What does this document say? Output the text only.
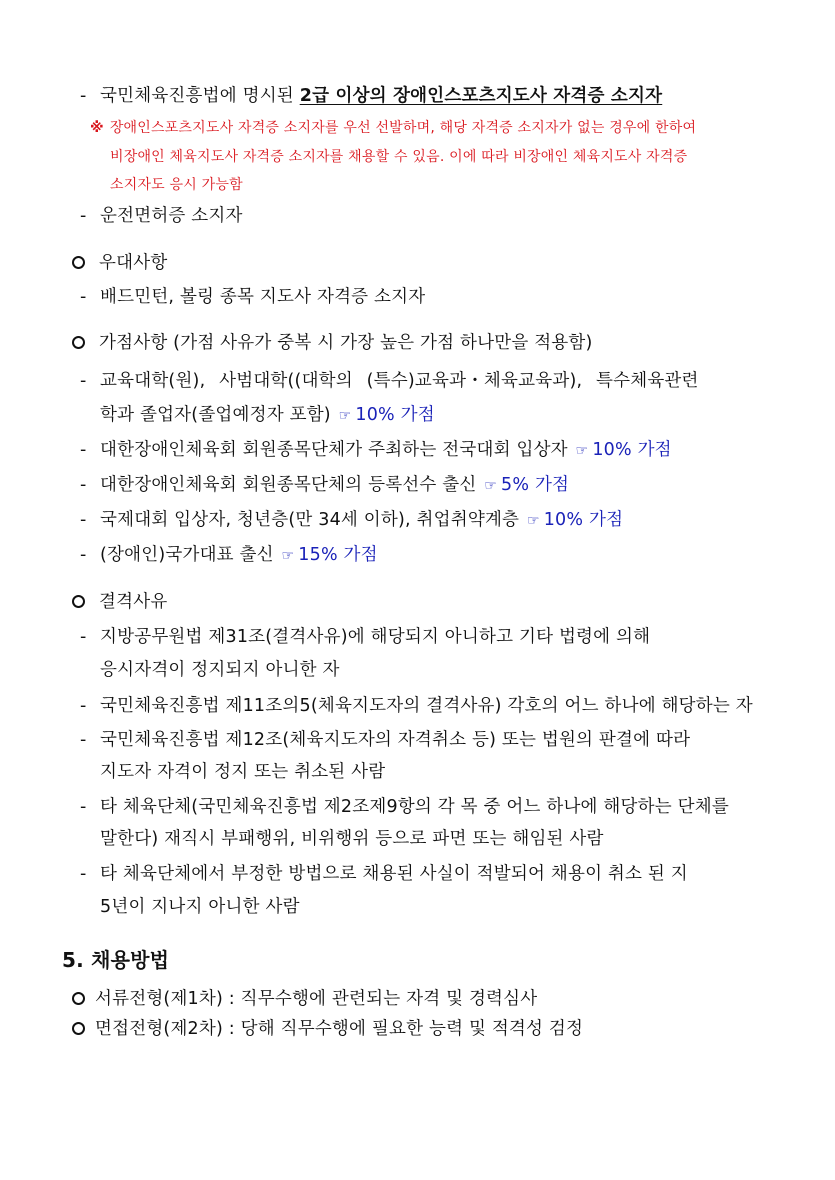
- 국민체육진흥법에 명시된 2급 이상의 장애인스포츠지도사 자격증 소지자
※ 장애인스포츠지도사 자격증 소지자를 우선 선발하며, 해당 자격증 소지자가 없는 경우에 한하여
비장애인 체육지도사 자격증 소지자를 채용할 수 있음. 이에 따라 비장애인 체육지도사 자격증
소지자도 응시 가능함
- 운전면허증 소지자
우대사항
- 배드민턴, 볼링 종목 지도사 자격증 소지자
가점사항 (가점 사유가 중복 시 가장 높은 가점 하나만을 적용함)
- 교육대학(원), 사범대학((대학의 (특수)교육과・체육교육과), 특수체육관련
학과 졸업자(졸업예정자 포함) ☞ 10% 가점
- 대한장애인체육회 회원종목단체가 주최하는 전국대회 입상자 ☞ 10% 가점
- 대한장애인체육회 회원종목단체의 등록선수 출신 ☞ 5% 가점
- 국제대회 입상자, 청년층(만 34세 이하), 취업취약계층 ☞ 10% 가점
- (장애인)국가대표 출신 ☞ 15% 가점
결격사유
- 지방공무원법 제31조(결격사유)에 해당되지 아니하고 기타 법령에 의해
응시자격이 정지되지 아니한 자
- 국민체육진흥법 제11조의5(체육지도자의 결격사유) 각호의 어느 하나에 해당하는 자
- 국민체육진흥법 제12조(체육지도자의 자격취소 등) 또는 법원의 판결에 따라
지도자 자격이 정지 또는 취소된 사람
- 타 체육단체(국민체육진흥법 제2조제9항의 각 목 중 어느 하나에 해당하는 단체를
말한다) 재직시 부패행위, 비위행위 등으로 파면 또는 해임된 사람
- 타 체육단체에서 부정한 방법으로 채용된 사실이 적발되어 채용이 취소 된 지
5년이 지나지 아니한 사람
5. 채용방법
서류전형(제1차) : 직무수행에 관련되는 자격 및 경력심사
면접전형(제2차) : 당해 직무수행에 필요한 능력 및 적격성 검정
